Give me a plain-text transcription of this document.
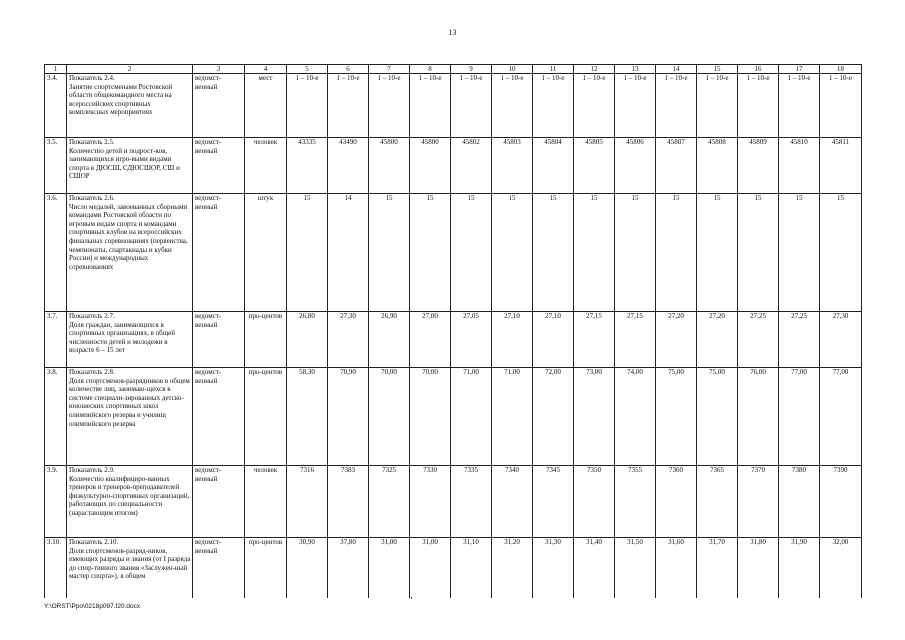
13
1	2	3	4	5	6	7	8	9	10	11	12	13	14	15	16	17	18
3.4.	Показатель 2.4.
Занятие спортсменами Ростовской области общекомандного места на всероссийских спортивных комплексных мероприятиях	ведомст-венный	мест	1 – 10-е	1 – 10-е	1 – 10-е	1 – 10-е	1 – 10-е	1 – 10-е	1 – 10-е	1 – 10-е	1 – 10-е	1 – 10-е	1 – 10-е	1 – 10-е	1 – 10-е	1 – 10-е
3.5.	Показатель 2.5.
Количество детей и подрост-ков, занимающихся игро-выми видами спорта в ДЮСШ, СДЮСШОР, СШ и СШОР	ведомст-венный	человек	43335	43490	45800	45800	45802	45803	45804	45805	45806	45807	45808	45809	45810	45811
3.6.	Показатель 2.6.
Число медалей, завоеванных сборными командами Ростовской области по игровым видам спорта и командами спортивных клубов на всероссийских финальных соревнованиях (первенства, чемпионаты, спартакиады и кубки России) и международных соревнованиях	ведомст-венный	штук	15	14	15	15	15	15	15	15	15	15	15	15	15	15
3.7.	Показатель 2.7.
Доля граждан, занимающихся в спортивных организациях, в общей численности детей и молодежи в возрасте 6 – 15 лет	ведомст-венный	про-центов	26,80	27,30	26,90	27,00	27,05	27,10	27,10	27,15	27,15	27,20	27,20	27,25	27,25	27,30
3.8.	Показатель 2.8.
Доля спортсменов-разрядников в общем количестве лиц, занимаю-щихся в системе специали-зированных детско-юношеских спортивных школ олимпийского резерва и училищ олимпийского резерва	ведомст-венный	про-центов	58,30	70,90	70,00	70,00	71,00	71,00	72,00	73,00	74,00	75,00	75,00	76,00	77,00	77,00
3.9.	Показатель 2.9.
Количество квалифициро-ванных тренеров и тренеров-преподавателей физкультурно-спортивных организаций, работающих по специальности (нарастающим итогом)	ведомст-венный	человек	7316	7383	7325	7330	7335	7340	7345	7350	7355	7360	7365	7370	7380	7390
3.10.	Показатель 2.10.
Доля спортсменов-разряд-ников, имеющих разряды и звания (от I разряда до спор-тивного звания «Заслужен-ный мастер спорта»), в общем	ведомст-венный	про-центов	30,90	37,80	31,00	31,00	31,10	31,20	31,30	31,40	31,50	31,60	31,70	31,80	31,90	32,00
Y:\ORST\Ppo\0218p097.f20.docx
